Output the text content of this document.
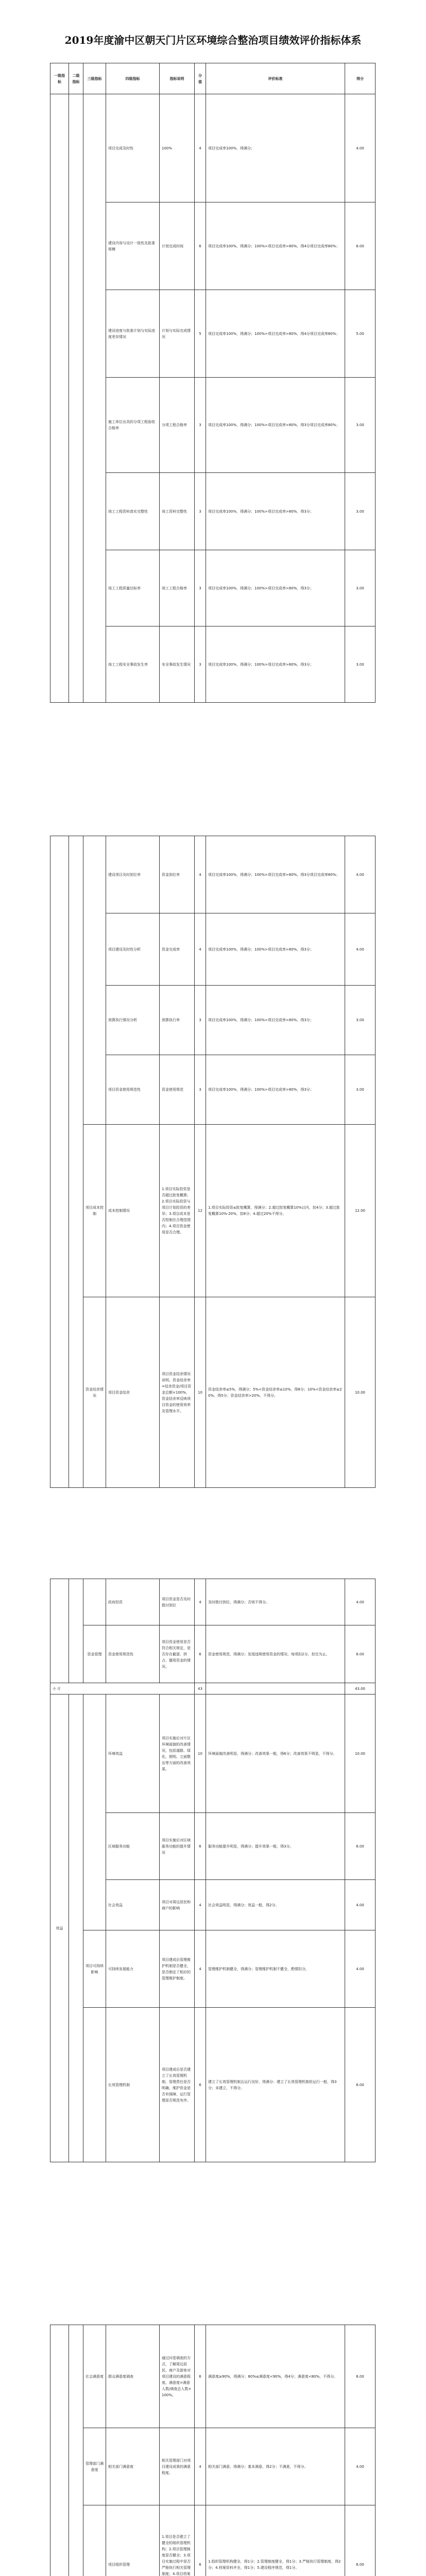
2019年度渝中区朝天门片区环境综合整治项目绩效评价指标体系
一级指标	二级指标	三级指标	四级指标	指标说明	分值	评价标准	得分
			项目完成及时性	100%	4	项目完成率100%，得满分；	4.00
			建设内容与设计一致性及批准规模	计划完成时间	6	项目完成率100%，得满分；100%>项目完成率>80%，得4分项目完成率80%；	6.00
			建设进度与批准计划与实际进度差异情况	计划与实际完成情况	5	项目完成率100%，得满分；100%>项目完成率>80%，得4分项目完成率80%；	5.00
			施工单位出具的分项工程验收合格率	分项工程合格率	3	项目完成率100%，得满分；100%>项目完成率>80%，得3分项目完成率80%；	3.00
			竣工工程资料真实完整性	竣工资料完整性	3	项目完成率100%，得满分；100%>项目完成率>80%，得3分；	3.00
			竣工工程质量达标率	竣工工程合格率	3	项目完成率100%，得满分；100%>项目完成率>80%，得3分；	3.00
			竣工工程安全事故发生率	安全事故发生情况	3	项目完成率100%，得满分；100%>项目完成率>80%，得3分；	3.00
			建设项目及时到位率	资金到位率	4	项目完成率100%，得满分；100%>项目完成率>80%，得3分项目完成率80%；	4.00
			项目建设及时性分析	资金完成率	4	项目完成率100%，得满分；100%>项目完成率>80%，得3分；	4.00
			预算执行情况分析	预算执行率	3	项目完成率100%，得满分；100%>项目完成率>80%，得3分；	3.00
			项目资金使用规范性	资金使用规范	3	项目完成率100%，得满分；100%>项目完成率>80%，得3分；	3.00
		项目成本控制	成本控制情况	1.项目实际投资是否超过批复概算；2.项目实际投资与项目计划投资的差异；3.项目成本是否控制在合理范围内；4.项目资金使用是否合理。	12	1.项目实际投资≤批复概算，得满分；2.超过批复概算10%以内，扣4分；3.超过批复概算10%-20%，扣8分；4.超过20%不得分。	12.00
		资金结余情况	项目资金结余	项目资金结余情况说明。资金结余率=结余资金/项目资金总额×100%，资金结余率反映项目资金的使用效率及管理水平。	10	资金结余率≤5%，得满分；5%<资金结余率≤10%，得8分；10%<资金结余率≤20%，得5分；资金结余率>20%，不得分。	10.00
			政府投资	项目资金是否及时拨付到位	4	及时拨付到位，得满分；否则不得分。	4.00
		资金管理	资金使用规范性	项目资金使用是否符合相关规定，是否存在截留、挤占、挪用资金的情况。	6	资金使用规范，得满分；发现违规使用资金的情况，每项扣2分，扣完为止。	6.00
小 计					43		43.00
效益			环境效益	项目实施后对片区环境面貌的改善情况，包括道路、绿化、照明、立面整治等方面的改善效果。	10	环境面貌改善明显，得满分；改善效果一般，得6分；改善效果不明显，不得分。	10.00
			区域服务功能	项目实施后对区域服务功能的提升情况	6	服务功能提升明显，得满分；提升效果一般，得3分。	6.00
			社会效益	项目对周边居民和商户的影响	4	社会效益明显，得满分；效益一般，得2分。	4.00
		项目可持续影响	可持续发展能力	项目建成后管理维护机制是否健全，是否制定了相应的管理维护制度。	4	管理维护机制健全，得满分；管理维护机制不健全，酌情扣分。	4.00
			长效管理机制	项目建成后是否建立了长效管理机制，管理责任是否明确，维护资金是否有保障，运行管理是否规范有序。	6	建立了长效管理机制且运行良好，得满分；建立了长效管理机制但运行一般，得3分；未建立，不得分。	6.00
		社会满意度	群众满意度调查	通过问卷调查的方式，了解周边居民、商户及游客对项目建设的满意程度。满意度=满意人数/调查总人数×100%。	6	满意度≥90%，得满分；80%≤满意度<90%，得4分；满意度<80%，不得分。	6.00
		管理部门满意度	相关部门满意度	相关管理部门对项目建设成果的满意程度。	4	相关部门满意，得满分；基本满意，得2分；不满意，不得分。	4.00
			项目组织管理	1.项目是否建立了健全的组织管理机构；2.项目管理制度是否健全；3.项目实施过程中是否严格执行相关管理制度；4.项目档案	6	1.组织管理机构健全，得1分；2.管理制度健全，得1分；3.严格执行管理制度，得2分；4.档案资料齐全，得1分；5.建设程序规范，得1分。	6.00
